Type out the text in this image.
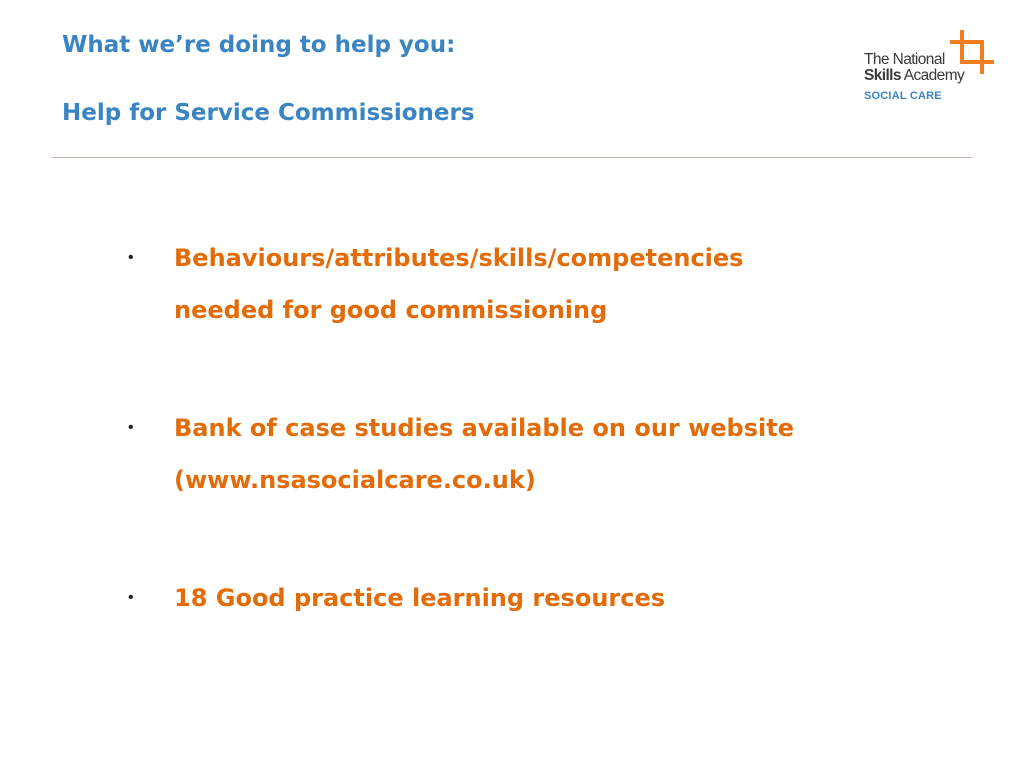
What we’re doing to help you:
Help for Service Commissioners
The National
Skills Academy
SOCIAL CARE
• Behaviours/attributes/skills/competencies
needed for good commissioning
• Bank of case studies available on our website
(www.nsasocialcare.co.uk)
• 18 Good practice learning resources
